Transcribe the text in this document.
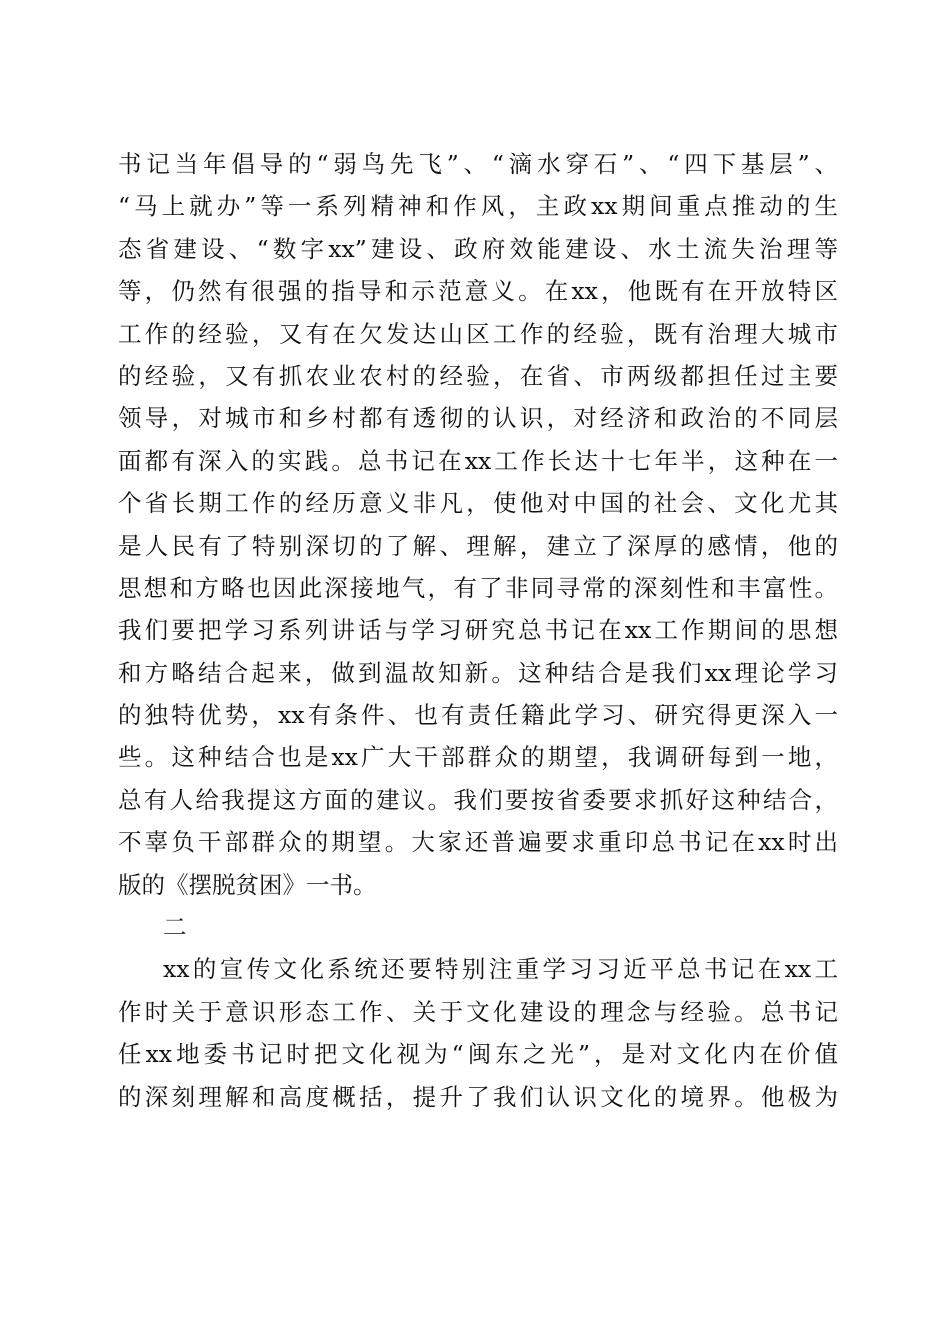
书记当年倡导的“弱鸟先飞”、“滴水穿石”、“四下基层”、
“马上就办”等一系列精神和作风，主政xx期间重点推动的生
态省建设、“数字xx”建设、政府效能建设、水土流失治理等
等，仍然有很强的指导和示范意义。在xx，他既有在开放特区
工作的经验，又有在欠发达山区工作的经验，既有治理大城市
的经验，又有抓农业农村的经验，在省、市两级都担任过主要
领导，对城市和乡村都有透彻的认识，对经济和政治的不同层
面都有深入的实践。总书记在xx工作长达十七年半，这种在一
个省长期工作的经历意义非凡，使他对中国的社会、文化尤其
是人民有了特别深切的了解、理解，建立了深厚的感情，他的
思想和方略也因此深接地气，有了非同寻常的深刻性和丰富性。
我们要把学习系列讲话与学习研究总书记在xx工作期间的思想
和方略结合起来，做到温故知新。这种结合是我们xx理论学习
的独特优势，xx有条件、也有责任籍此学习、研究得更深入一
些。这种结合也是xx广大干部群众的期望，我调研每到一地，
总有人给我提这方面的建议。我们要按省委要求抓好这种结合，
不辜负干部群众的期望。大家还普遍要求重印总书记在xx时出
版的《摆脱贫困》一书。
二
xx的宣传文化系统还要特别注重学习习近平总书记在xx工
作时关于意识形态工作、关于文化建设的理念与经验。总书记
任xx地委书记时把文化视为“闽东之光”，是对文化内在价值
的深刻理解和高度概括，提升了我们认识文化的境界。他极为
